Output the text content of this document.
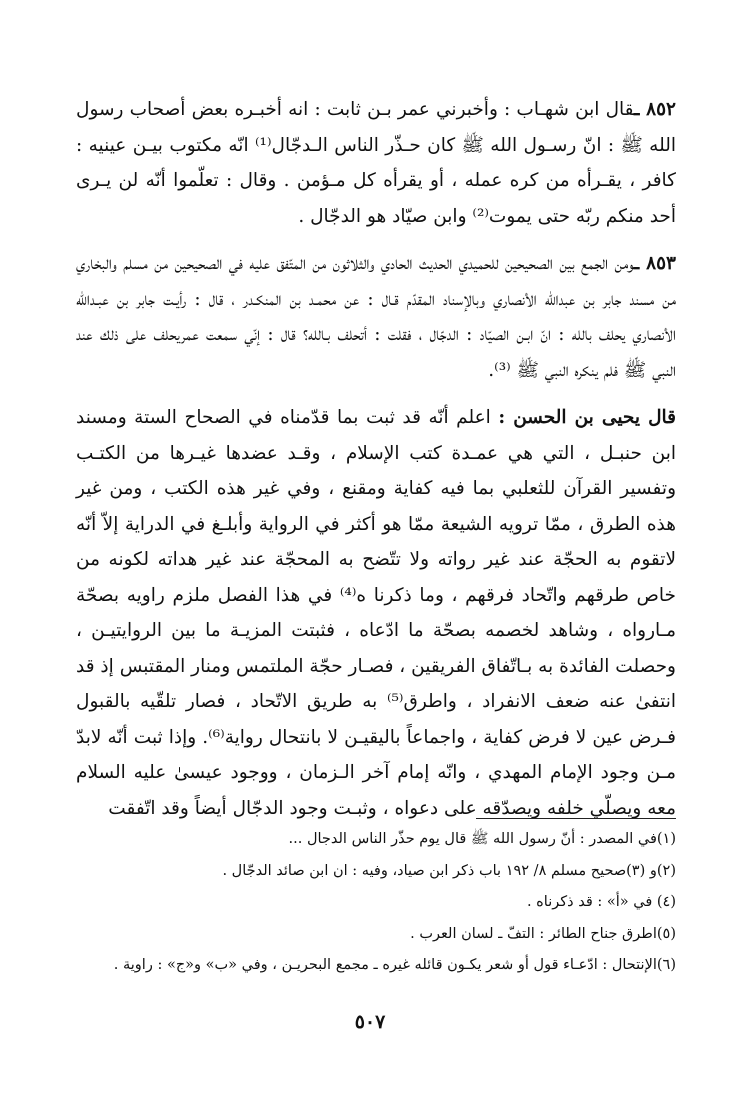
٨٥٢ ـقال ابن شهـاب : وأخبرني عمر بـن ثابت : انه أخبـره بعض أصحاب رسول الله ﷺ : انّ رسـول الله ﷺ كان حـذّر الناس الـدجّال⁽¹⁾ انّه مكتوب بيـن عينيه : كافر ، يقـرأه من كره عمله ، أو يقرأه كل مـؤمن . وقال : تعلّموا أنّه لن يـرى أحد منكم ربّه حتى يموت⁽²⁾ وابن صيّاد هو الدجّال .

٨٥٣ ـومن الجمع بين الصحيحين للحميدي الحديث الحادي والثلاثون من المتّفق عليه في الصحيحين من مسلم والبخاري من مسند جابر بن عبدالله الأنصاري وبالإسناد المقدّم قـال : عن محمـد بن المنكـدر ، قال : رأيـت جابر بن عبـدالله الأنصاري يحلف بالله : انّ ابـن الصيّاد : الدجّال ، فقلت : أتحلف بـالله؟ قال : إنّي سمعت عمريحلف على ذلك عند النبي ﷺ فلم ينكره النبي ﷺ ⁽³⁾.

قال يحيى بن الحسن : اعلم أنّه قد ثبت بما قدّمناه في الصحاح الستة ومسند ابن حنبـل ، التي هي عمـدة كتب الإسلام ، وقـد عضدها غيـرها من الكتـب وتفسير القرآن للثعلبي بما فيه كفاية ومقنع ، وفي غير هذه الكتب ، ومن غير هذه الطرق ، ممّا ترويه الشيعة ممّا هو أكثر في الرواية وأبلـغ في الدراية إلاّ أنّه لاتقوم به الحجّة عند غير رواته ولا تتّضح به المحجّة عند غير هداته لكونه من خاص طرقهم واتّحاد فرقهم ، وما ذكرنا ه⁽⁴⁾ في هذا الفصل ملزم راويه بصحّة مـارواه ، وشاهد لخصمه بصحّة ما ادّعاه ، فثبتت المزيـة ما بين الروايتيـن ، وحصلت الفائدة به بـاتّفاق الفريقين ، فصـار حجّة الملتمس ومنار المقتبس إذ قد انتفىٰ عنه ضعف الانفراد ، واطرق⁽⁵⁾ به طريق الاتّحاد ، فصار تلقّيه بالقبول فـرض عين لا فرض كفاية ، واجماعاً باليقيـن لا بانتحال رواية⁽⁶⁾. وإذا ثبت أنّه لابدّ مـن وجود الإمام المهدي ، وانّه إمام آخر الـزمان ، ووجود عيسىٰ عليه السلام معه ويصلّي خلفه ويصدّقه على دعواه ، وثبـت وجود الدجّال أيضاً وقد اتّفقت

(١)في المصدر : أنّ رسول الله ﷺ قال يوم حذّر الناس الدجال ...

(٢)و (٣)صحيح مسلم ٨/ ١٩٢ باب ذكر ابن صياد، وفيه : ان ابن صائد الدجّال .

(٤) في «أ» : قد ذكرناه .

(٥)اطرق جناح الطائر : التفّ ـ لسان العرب .

(٦)الإنتحال : ادّعـاء قول أو شعر يكـون قائله غيره ـ مجمع البحريـن ، وفي «ب» و«ج» : راوية .

٥٠٧
